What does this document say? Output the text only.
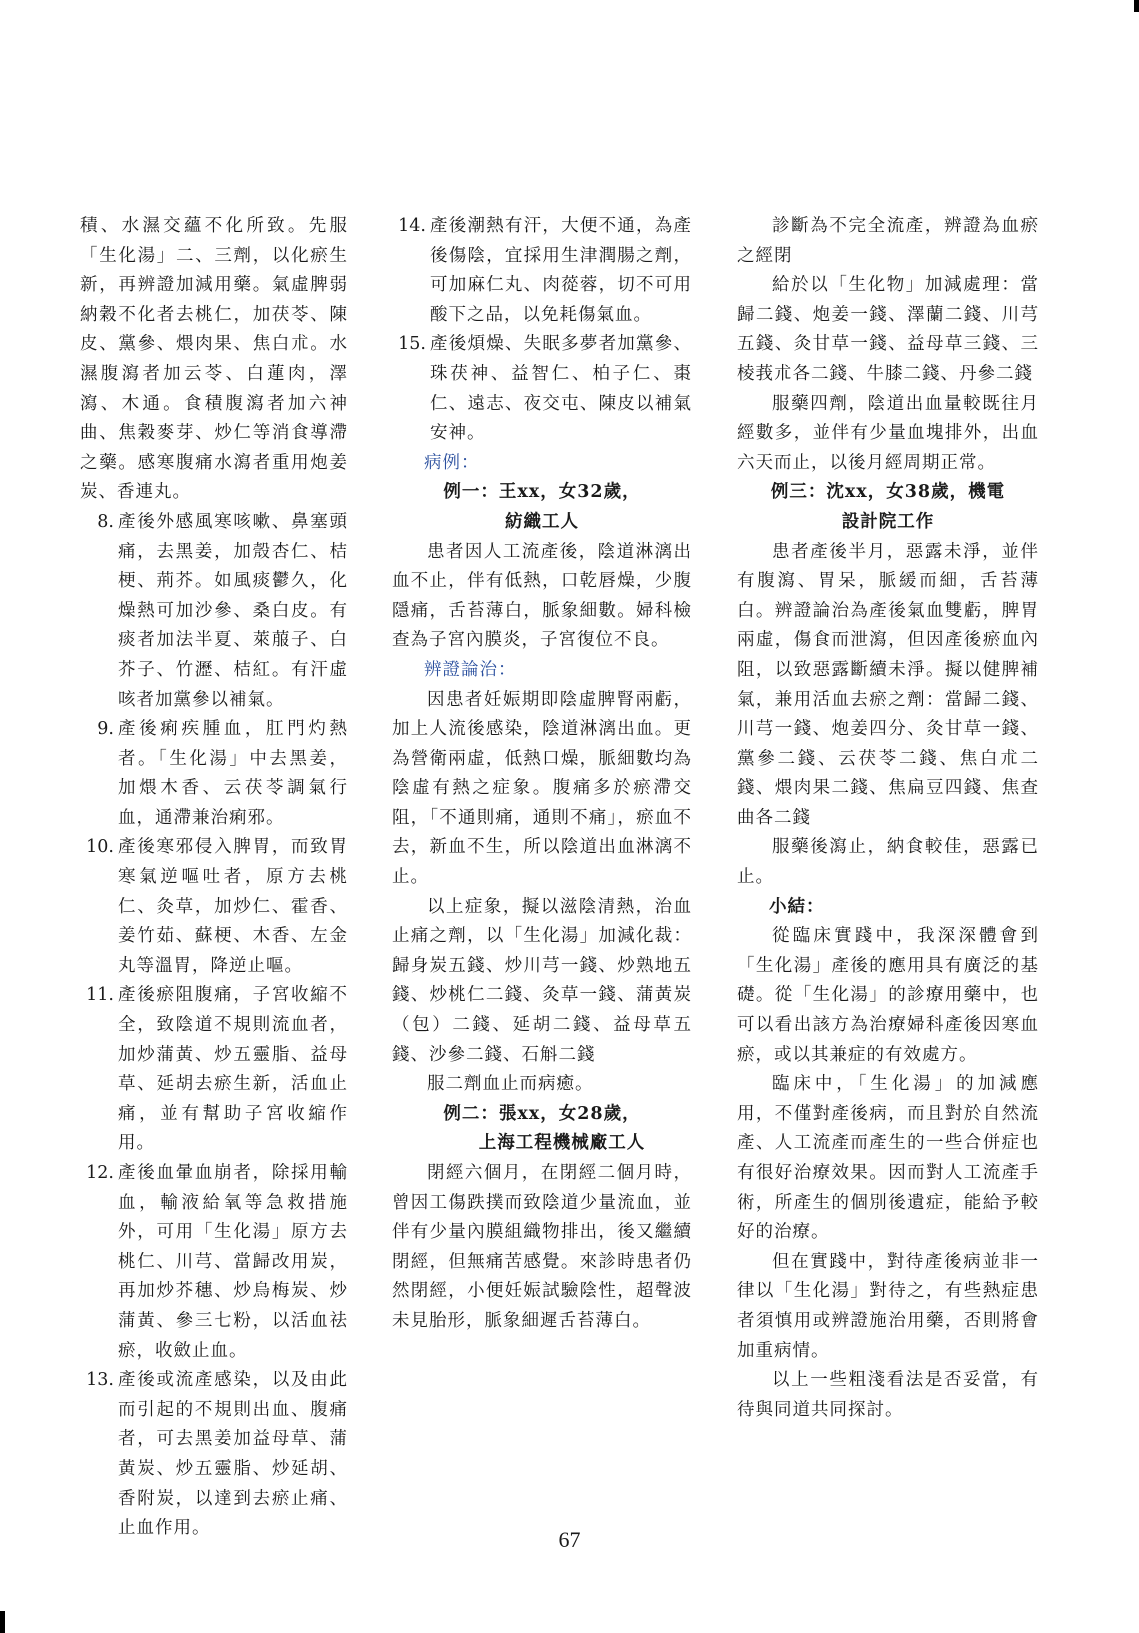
積、水濕交蘊不化所致。先服「生化湯」二、三劑，以化瘀生新，再辨證加減用藥。氣虛脾弱納穀不化者去桃仁，加茯苓、陳皮、黨參、煨肉果、焦白朮。水濕腹瀉者加云苓、白蓮肉，澤瀉、木通。食積腹瀉者加六神曲、焦穀麥芽、炒仁等消食導滯之藥。感寒腹痛水瀉者重用炮姜炭、香連丸。

8. 產後外感風寒咳嗽、鼻塞頭痛，去黑姜，加殼杏仁、桔梗、荊芥。如風痰鬱久，化燥熱可加沙參、桑白皮。有痰者加法半夏、萊菔子、白芥子、竹瀝、桔紅。有汗虛咳者加黨參以補氣。
9. 產後痢疾腫血，肛門灼熱者。「生化湯」中去黑姜，加煨木香、云茯苓調氣行血，通滯兼治痢邪。
10. 產後寒邪侵入脾胃，而致胃寒氣逆嘔吐者，原方去桃仁、灸草，加炒仁、霍香、姜竹茹、蘇梗、木香、左金丸等溫胃，降逆止嘔。
11. 產後瘀阻腹痛，子宮收縮不全，致陰道不規則流血者，加炒蒲黃、炒五靈脂、益母草、延胡去瘀生新，活血止痛，並有幫助子宮收縮作用。
12. 產後血暈血崩者，除採用輸血，輸液給氧等急救措施外，可用「生化湯」原方去桃仁、川芎、當歸改用炭，再加炒芥穗、炒烏梅炭、炒蒲黃、參三七粉，以活血祛瘀，收斂止血。
13. 產後或流產感染，以及由此而引起的不規則出血、腹痛者，可去黑姜加益母草、蒲黃炭、炒五靈脂、炒延胡、香附炭，以達到去瘀止痛、止血作用。
14. 產後潮熱有汗，大便不通，為產後傷陰，宜採用生津潤腸之劑，可加麻仁丸、肉蓯蓉，切不可用酸下之品，以免耗傷氣血。
15. 產後煩燥、失眠多夢者加黨參、珠茯神、益智仁、柏子仁、棗仁、遠志、夜交屯、陳皮以補氣安神。

病例：

例一：王xx，女32歲，

紡織工人

患者因人工流產後，陰道淋漓出血不止，伴有低熱，口乾唇燥，少腹隱痛，舌苔薄白，脈象細數。婦科檢查為子宮內膜炎，子宮復位不良。

辨證論治：

因患者妊娠期即陰虛脾腎兩虧，加上人流後感染，陰道淋漓出血。更為營衛兩虛，低熱口燥，脈細數均為陰虛有熱之症象。腹痛多於瘀滯交阻，「不通則痛，通則不痛」，瘀血不去，新血不生，所以陰道出血淋漓不止。

以上症象，擬以滋陰清熱，治血止痛之劑，以「生化湯」加減化裁：歸身炭五錢、炒川芎一錢、炒熟地五錢、炒桃仁二錢、灸草一錢、蒲黃炭（包）二錢、延胡二錢、益母草五錢、沙參二錢、石斛二錢

服二劑血止而病癒。

例二：張xx，女28歲，

上海工程機械廠工人

閉經六個月，在閉經二個月時，曾因工傷跌撲而致陰道少量流血，並伴有少量內膜組織物排出，後又繼續閉經，但無痛苦感覺。來診時患者仍然閉經，小便妊娠試驗陰性，超聲波未見胎形，脈象細遲舌苔薄白。

診斷為不完全流產，辨證為血瘀之經閉

給於以「生化物」加減處理：當歸二錢、炮姜一錢、澤蘭二錢、川芎五錢、灸甘草一錢、益母草三錢、三棱莪朮各二錢、牛膝二錢、丹參二錢

服藥四劑，陰道出血量較既往月經數多，並伴有少量血塊排外，出血六天而止，以後月經周期正常。

例三：沈xx，女38歲，機電

設計院工作

患者產後半月，惡露未淨，並伴有腹瀉、胃呆，脈緩而細，舌苔薄白。辨證論治為產後氣血雙虧，脾胃兩虛，傷食而泄瀉，但因產後瘀血內阻，以致惡露斷續未淨。擬以健脾補氣，兼用活血去瘀之劑：當歸二錢、川芎一錢、炮姜四分、灸甘草一錢、黨參二錢、云茯苓二錢、焦白朮二錢、煨肉果二錢、焦扁豆四錢、焦查曲各二錢

服藥後瀉止，納食較佳，惡露已止。

小結：

從臨床實踐中，我深深體會到「生化湯」產後的應用具有廣泛的基礎。從「生化湯」的診療用藥中，也可以看出該方為治療婦科產後因寒血瘀，或以其兼症的有效處方。

臨床中，「生化湯」的加減應用，不僅對產後病，而且對於自然流產、人工流產而產生的一些合併症也有很好治療效果。因而對人工流產手術，所產生的個別後遺症，能給予較好的治療。

但在實踐中，對待產後病並非一律以「生化湯」對待之，有些熱症患者須慎用或辨證施治用藥，否則將會加重病情。

以上一些粗淺看法是否妥當，有待與同道共同探討。

67
